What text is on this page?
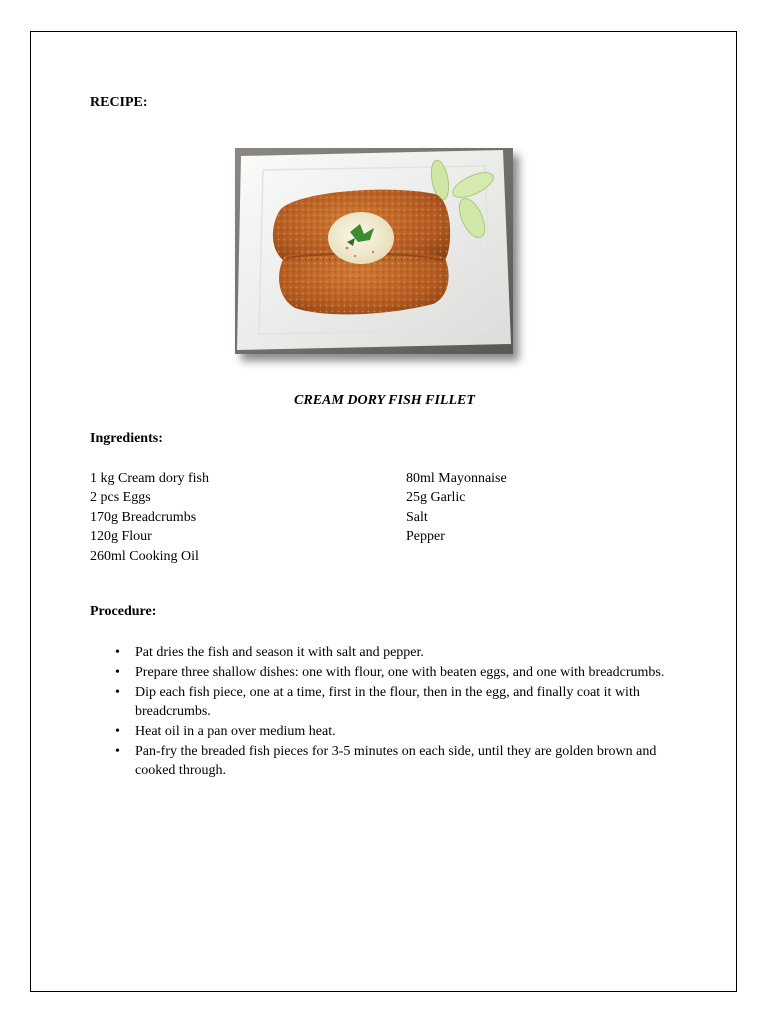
RECIPE:
CREAM DORY FISH FILLET
Ingredients:
1 kg Cream dory fish
2 pcs Eggs
170g Breadcrumbs
120g Flour
260ml Cooking Oil
80ml Mayonnaise
25g Garlic
Salt
Pepper
Procedure:
• Pat dries the fish and season it with salt and pepper.
• Prepare three shallow dishes: one with flour, one with beaten eggs, and one with breadcrumbs.
• Dip each fish piece, one at a time, first in the flour, then in the egg, and finally coat it with breadcrumbs.
• Heat oil in a pan over medium heat.
• Pan-fry the breaded fish pieces for 3-5 minutes on each side, until they are golden brown and cooked through.
